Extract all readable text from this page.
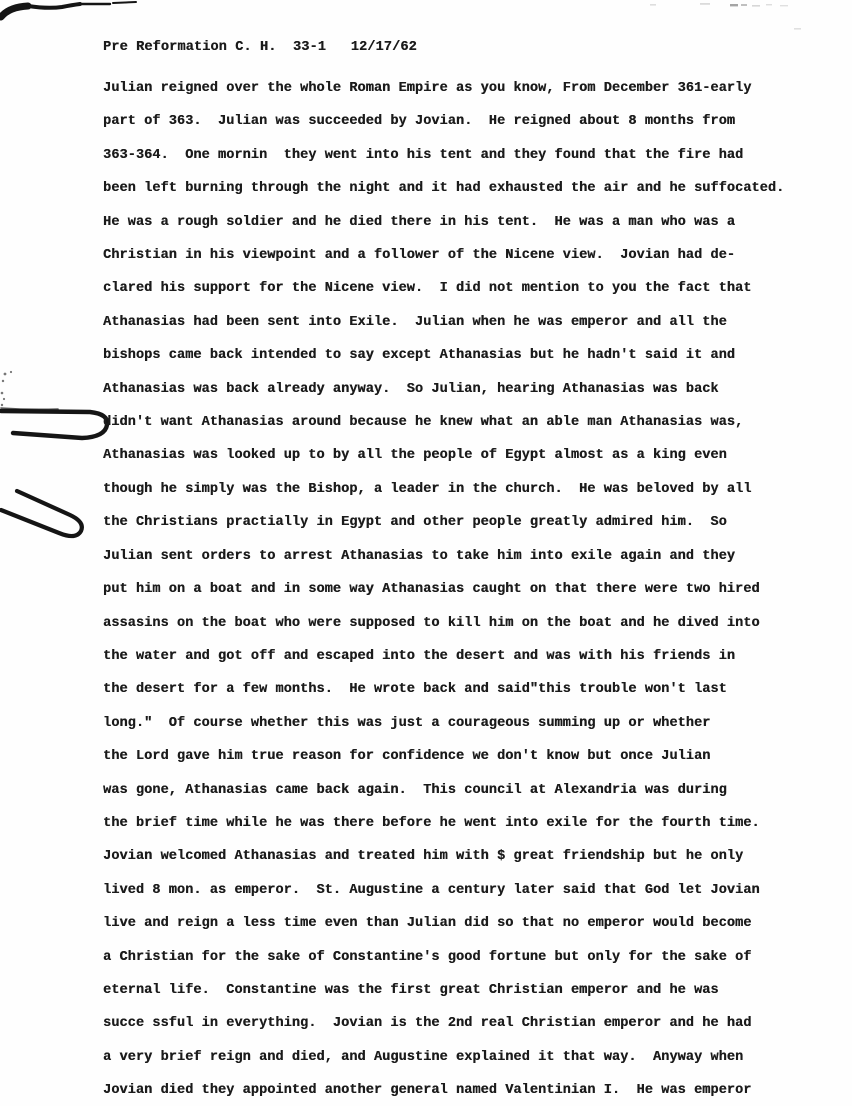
Pre Reformation C. H.  33-1   12/17/62

Julian reigned over the whole Roman Empire as you know, From December 361-early

part of 363.  Julian was succeeded by Jovian.  He reigned about 8 months from

363-364.  One mornin  they went into his tent and they found that the fire had

been left burning through the night and it had exhausted the air and he suffocated.

He was a rough soldier and he died there in his tent.  He was a man who was a

Christian in his viewpoint and a follower of the Nicene view.  Jovian had de-

clared his support for the Nicene view.  I did not mention to you the fact that

Athanasias had been sent into Exile.  Julian when he was emperor and all the

bishops came back intended to say except Athanasias but he hadn't said it and

Athanasias was back already anyway.  So Julian, hearing Athanasias was back

didn't want Athanasias around because he knew what an able man Athanasias was,

Athanasias was looked up to by all the people of Egypt almost as a king even

though he simply was the Bishop, a leader in the church.  He was beloved by all

the Christians practially in Egypt and other people greatly admired him.  So

Julian sent orders to arrest Athanasias to take him into exile again and they

put him on a boat and in some way Athanasias caught on that there were two hired

assasins on the boat who were supposed to kill him on the boat and he dived into

the water and got off and escaped into the desert and was with his friends in

the desert for a few months.  He wrote back and said"this trouble won't last

long."  Of course whether this was just a courageous summing up or whether

the Lord gave him true reason for confidence we don't know but once Julian

was gone, Athanasias came back again.  This council at Alexandria was during

the brief time while he was there before he went into exile for the fourth time.

Jovian welcomed Athanasias and treated him with $ great friendship but he only

lived 8 mon. as emperor.  St. Augustine a century later said that God let Jovian

live and reign a less time even than Julian did so that no emperor would become

a Christian for the sake of Constantine's good fortune but only for the sake of

eternal life.  Constantine was the first great Christian emperor and he was

succe ssful in everything.  Jovian is the 2nd real Christian emperor and he had

a very brief reign and died, and Augustine explained it that way.  Anyway when

Jovian died they appointed another general named Valentinian I.  He was emperor
